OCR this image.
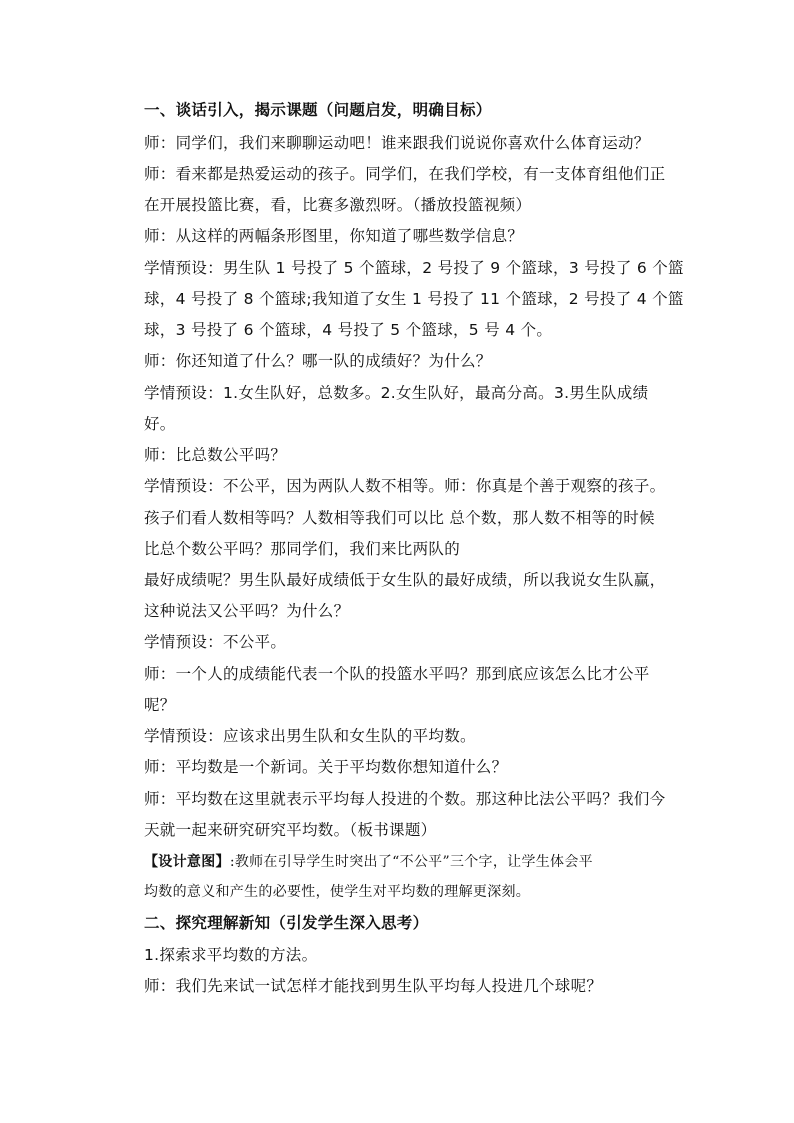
一、谈话引入，揭示课题（问题启发，明确目标）
师：同学们，我们来聊聊运动吧！谁来跟我们说说你喜欢什么体育运动？
师：看来都是热爱运动的孩子。同学们，在我们学校，有一支体育组他们正
在开展投篮比赛，看，比赛多激烈呀。（播放投篮视频）
师：从这样的两幅条形图里，你知道了哪些数学信息？
学情预设：男生队 1 号投了 5 个篮球，2 号投了 9 个篮球，3 号投了 6 个篮
球，4 号投了 8 个篮球;我知道了女生 1 号投了 11 个篮球，2 号投了 4 个篮
球，3 号投了 6 个篮球，4 号投了 5 个篮球，5 号 4 个。
师：你还知道了什么？哪一队的成绩好？为什么？
学情预设：1.女生队好，总数多。2.女生队好，最高分高。3.男生队成绩
好。
师：比总数公平吗？
学情预设：不公平，因为两队人数不相等。师：你真是个善于观察的孩子。
孩子们看人数相等吗？人数相等我们可以比 总个数，那人数不相等的时候
比总个数公平吗？那同学们，我们来比两队的
最好成绩呢？男生队最好成绩低于女生队的最好成绩，所以我说女生队赢，
这种说法又公平吗？为什么？
学情预设：不公平。
师：一个人的成绩能代表一个队的投篮水平吗？那到底应该怎么比才公平
呢？
学情预设：应该求出男生队和女生队的平均数。
师：平均数是一个新词。关于平均数你想知道什么？
师：平均数在这里就表示平均每人投进的个数。那这种比法公平吗？我们今
天就一起来研究研究平均数。（板书课题）
【设计意图】:教师在引导学生时突出了“不公平”三个字，让学生体会平
均数的意义和产生的必要性，使学生对平均数的理解更深刻。
二、探究理解新知（引发学生深入思考）
1.探索求平均数的方法。
师：我们先来试一试怎样才能找到男生队平均每人投进几个球呢？
